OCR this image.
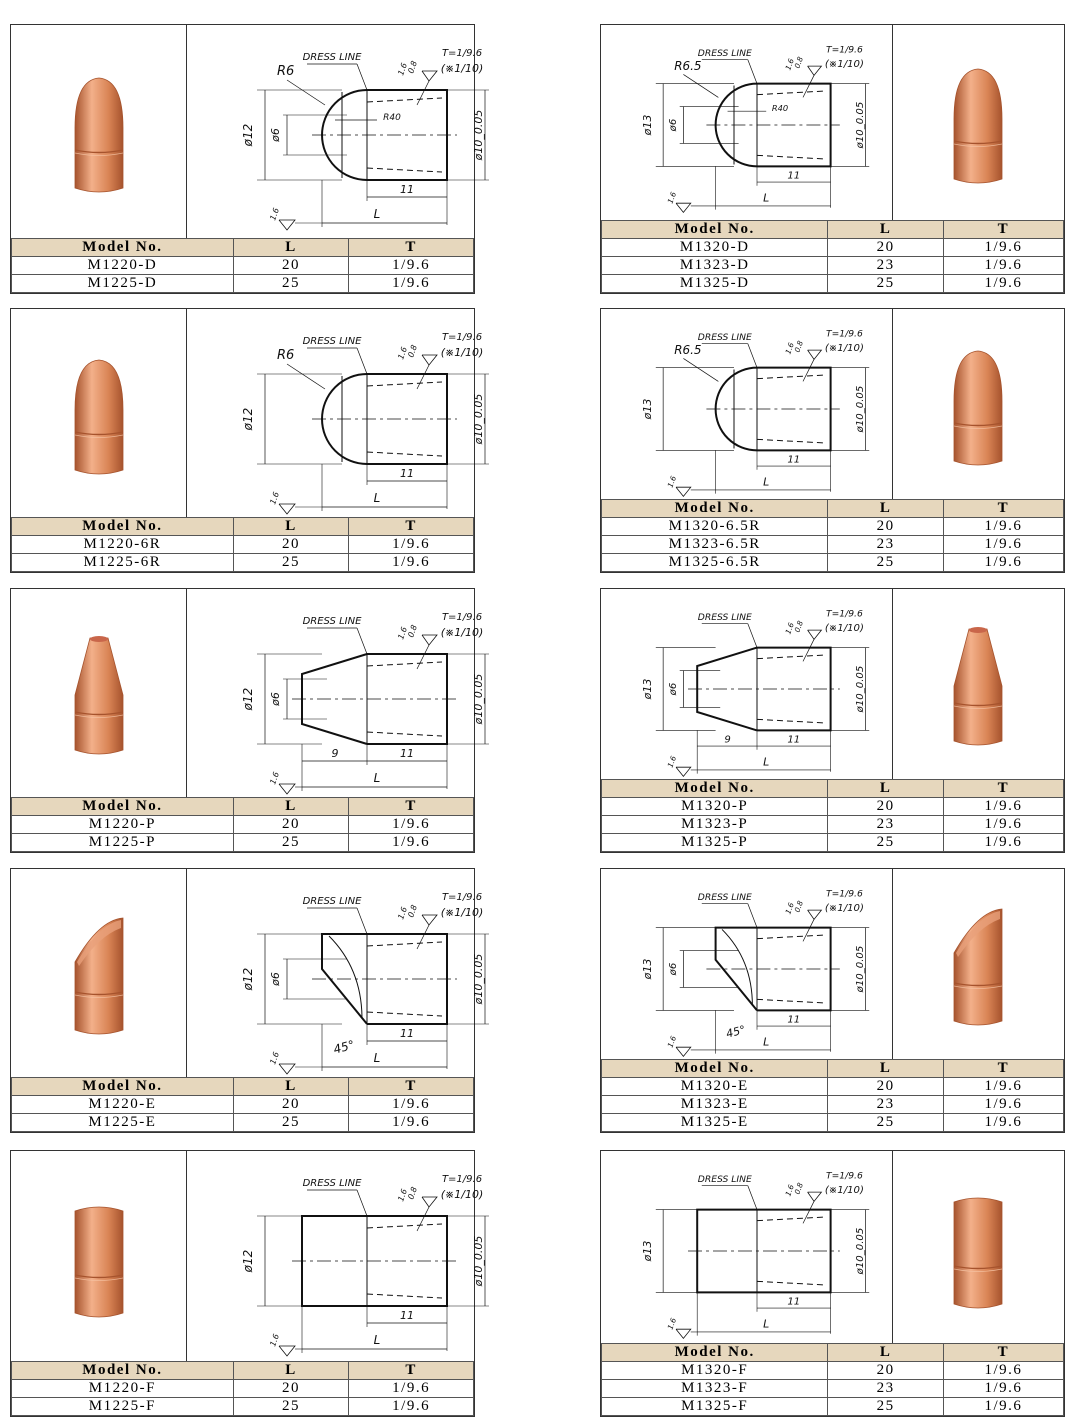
DRESS LINE	T=1/9.6
(※1/10)
1.6
0.8
ø10_0.05
ø12 ø6
R6
R40
11
L
1.6
Model No.	L	T
M1220-D	20	1/9.6
M1225-D	25	1/9.6
DRESS LINE	T=1/9.6
(※1/10)
1.6
0.8
ø10_0.05
ø13 ø6
R6.5
R40
11
L
1.6
Model No.	L	T
M1320-D	20	1/9.6
M1323-D	23	1/9.6
M1325-D	25	1/9.6
DRESS LINE	T=1/9.6
(※1/10)
1.6
0.8
ø10_0.05
ø12
R6
11
L
1.6
Model No.	L	T
M1220-6R	20	1/9.6
M1225-6R	25	1/9.6
DRESS LINE	T=1/9.6
(※1/10)
1.6
0.8
ø10_0.05
ø13
R6.5
11
L
1.6
Model No.	L	T
M1320-6.5R	20	1/9.6
M1323-6.5R	23	1/9.6
M1325-6.5R	25	1/9.6
DRESS LINE	T=1/9.6
(※1/10)
1.6
0.8
ø10_0.05
ø12 ø6
11
9
L
1.6
Model No.	L	T
M1220-P	20	1/9.6
M1225-P	25	1/9.6
DRESS LINE	T=1/9.6
(※1/10)
1.6
0.8
ø10_0.05
ø13 ø6
11
9
L
1.6
Model No.	L	T
M1320-P	20	1/9.6
M1323-P	23	1/9.6
M1325-P	25	1/9.6
DRESS LINE	T=1/9.6
(※1/10)
1.6
0.8
ø10_0.05
ø12 ø6
45°
11
L
1.6
Model No.	L	T
M1220-E	20	1/9.6
M1225-E	25	1/9.6
DRESS LINE	T=1/9.6
(※1/10)
1.6
0.8
ø10_0.05
ø13 ø6
45°
11
L
1.6
Model No.	L	T
M1320-E	20	1/9.6
M1323-E	23	1/9.6
M1325-E	25	1/9.6
DRESS LINE	T=1/9.6
(※1/10)
1.6
0.8
ø10_0.05
ø12
11
L
1.6
Model No.	L	T
M1220-F	20	1/9.6
M1225-F	25	1/9.6
DRESS LINE	T=1/9.6
(※1/10)
1.6
0.8
ø10_0.05
ø13
11
L
1.6
Model No.	L	T
M1320-F	20	1/9.6
M1323-F	23	1/9.6
M1325-F	25	1/9.6
